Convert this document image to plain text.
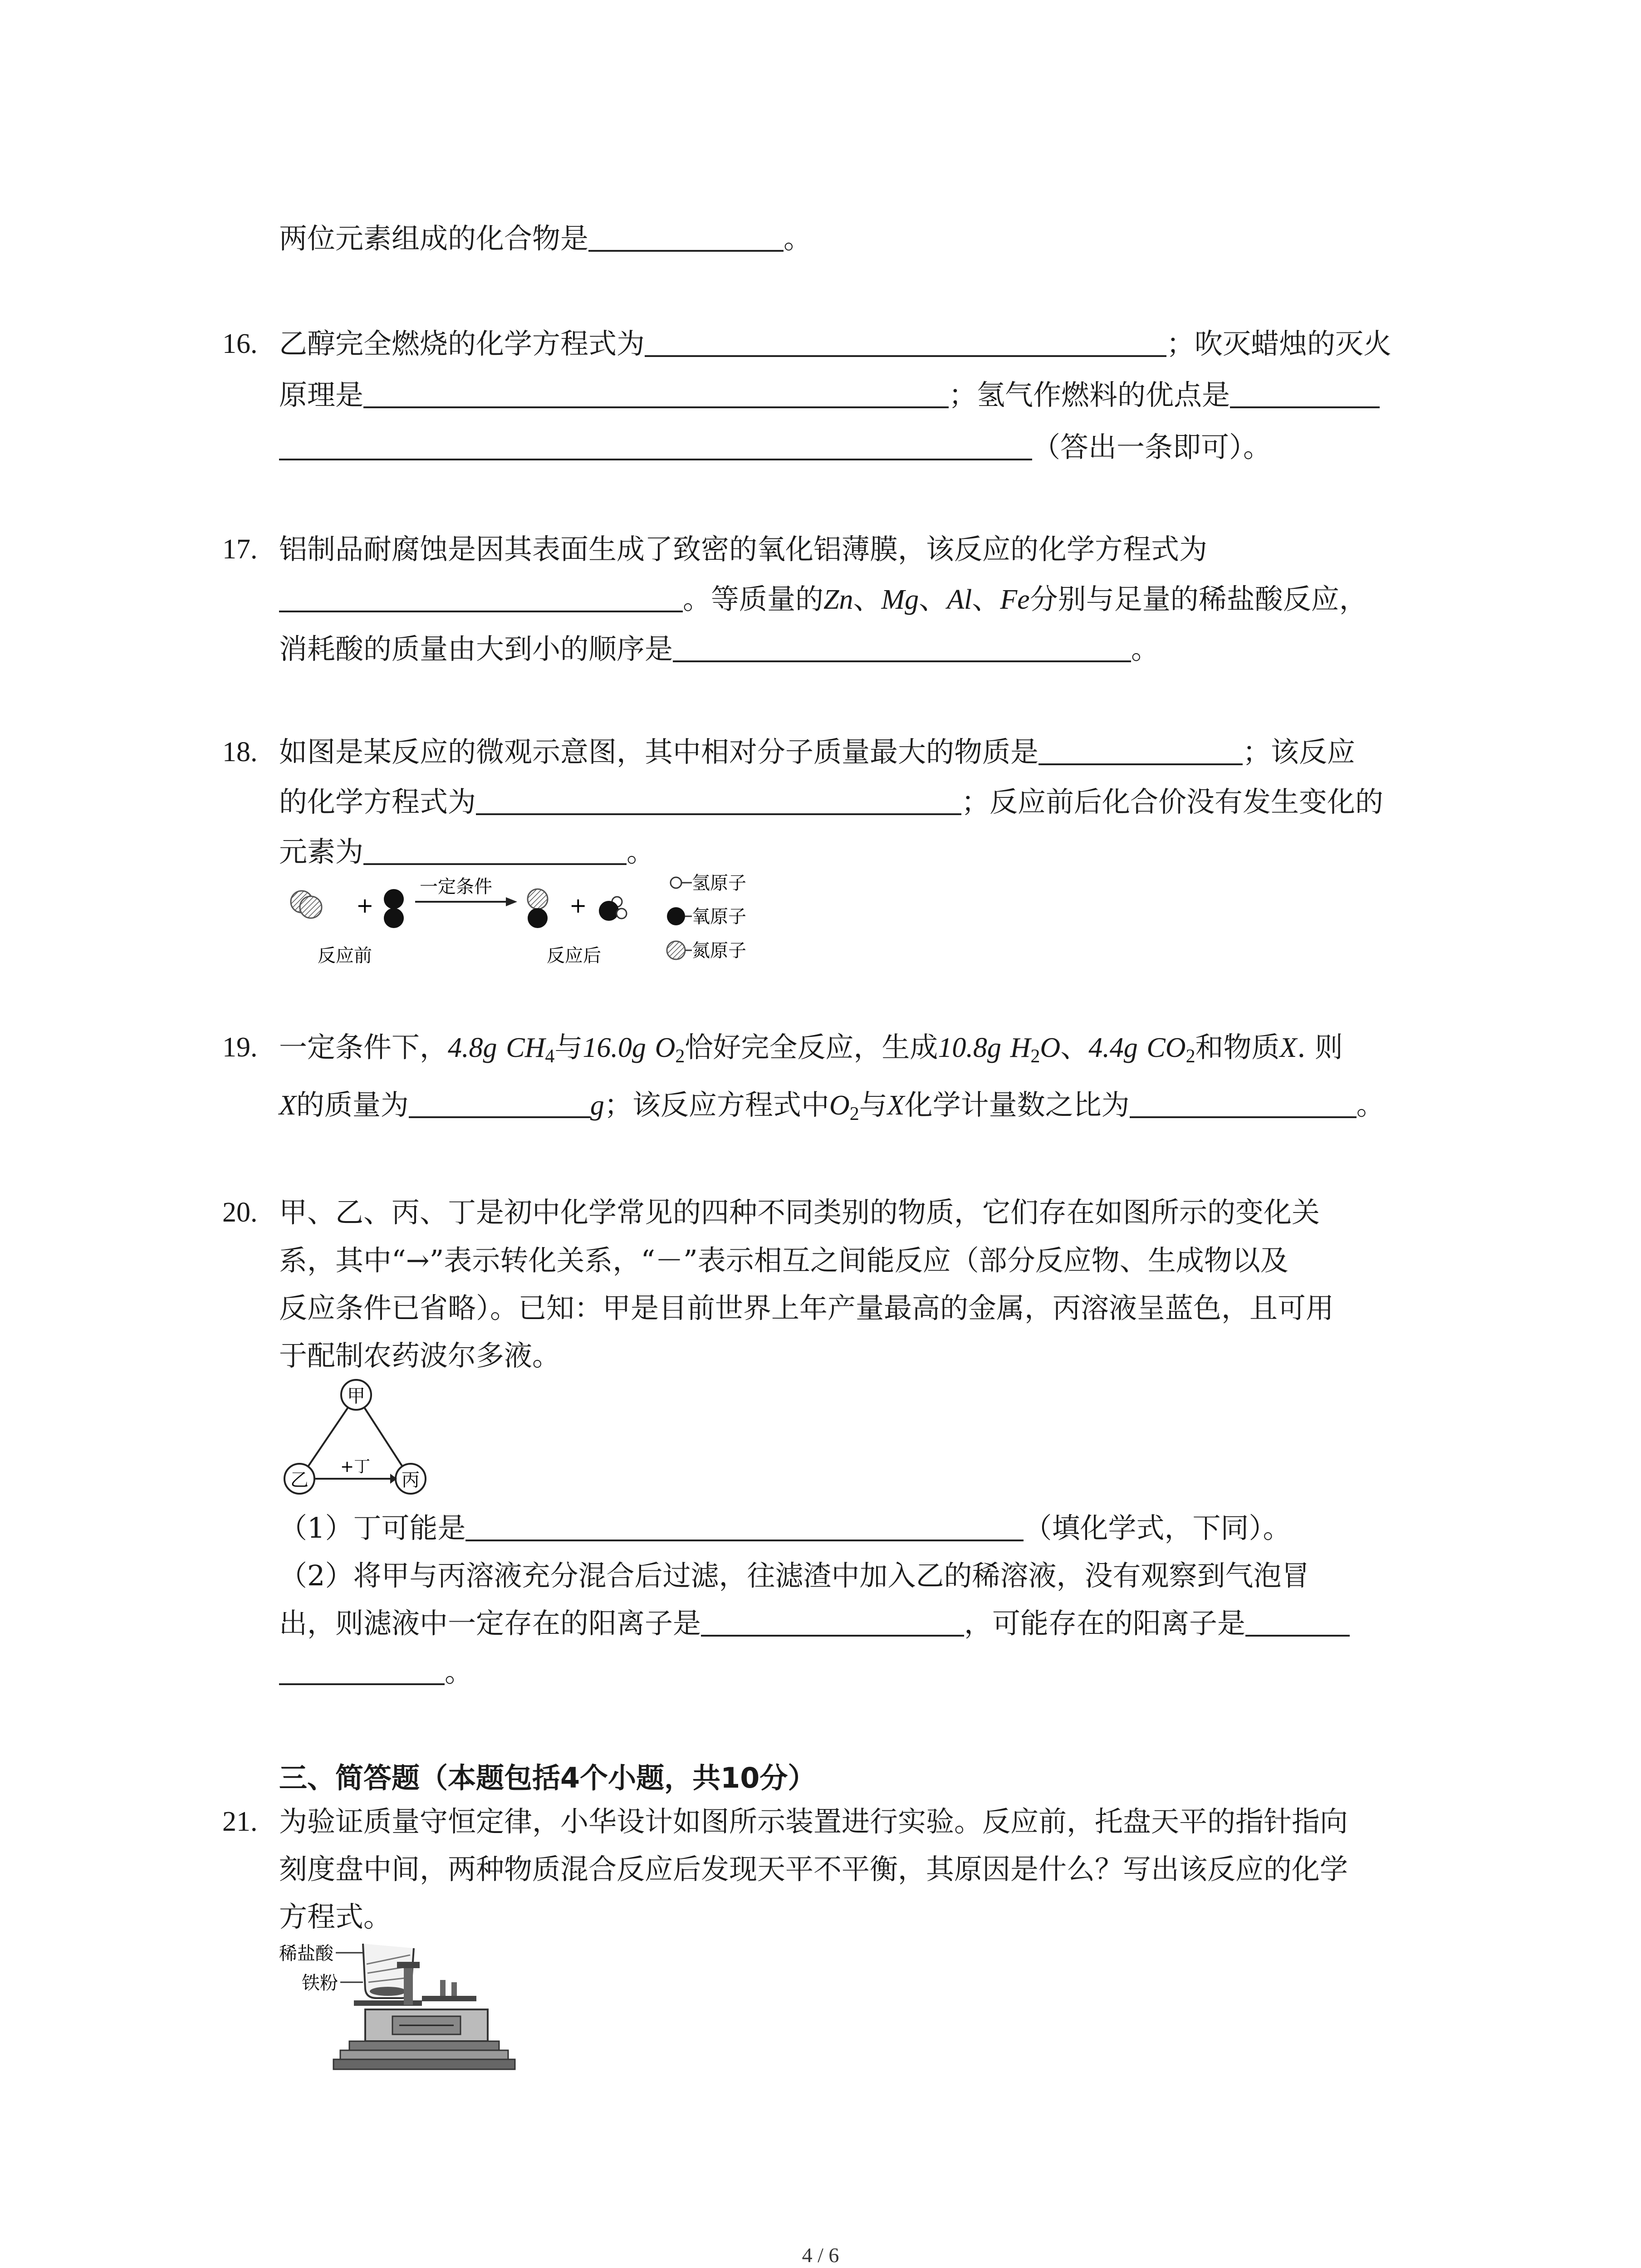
两位元素组成的化合物是	。
16. 乙醇完全燃烧的化学方程式为	；吹灭蜡烛的灭火
原理是	；氢气作燃料的优点是
（答出一条即可）。
17. 铝制品耐腐蚀是因其表面生成了致密的氧化铝薄膜，该反应的化学方程式为
。等质量的Zn、Mg、Al、Fe分别与足量的稀盐酸反应，
消耗酸的质量由大到小的顺序是	。
18. 如图是某反应的微观示意图，其中相对分子质量最大的物质是	；该反应
的化学方程式为	；反应前后化合价没有发生变化的
元素为	。
+
一定条件
+
反应前	反应后
氢原子
氧原子
氮原子
19. 一定条件下，4.8g $CH_4$与16.0g $O_2$恰好完全反应，生成10.8g $H_2O$、4.4g $CO_2$和物质X. 则
X的质量为	g；该反应方程式中$O_2$与X化学计量数之比为	。
20. 甲、乙、丙、丁是初中化学常见的四种不同类别的物质，它们存在如图所示的变化关
系，其中“→”表示转化关系，“－”表示相互之间能反应（部分反应物、生成物以及
反应条件已省略）。已知：甲是目前世界上年产量最高的金属，丙溶液呈蓝色，且可用
于配制农药波尔多液。
甲
乙	丙
+丁
（1）丁可能是	（填化学式，下同）。
（2）将甲与丙溶液充分混合后过滤，往滤渣中加入乙的稀溶液，没有观察到气泡冒
出，则滤液中一定存在的阳离子是	，可能存在的阳离子是
。
三、简答题（本题包括4个小题，共10分）
21. 为验证质量守恒定律，小华设计如图所示装置进行实验。反应前，托盘天平的指针指向
刻度盘中间，两种物质混合反应后发现天平不平衡，其原因是什么？写出该反应的化学
方程式。
稀盐酸
铁粉
4 / 6
